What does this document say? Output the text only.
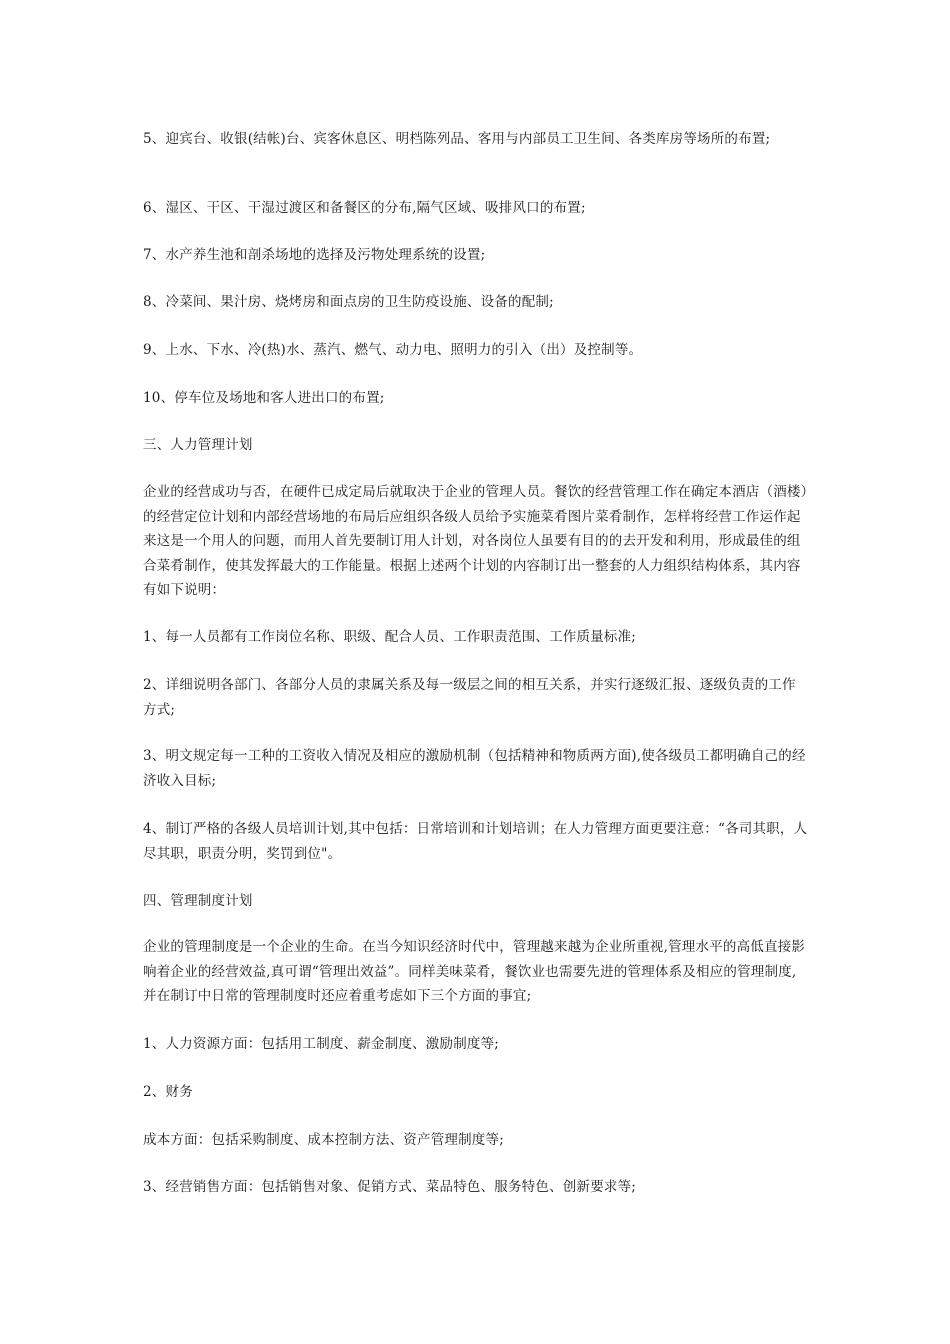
5、迎宾台、收银(结帐)台、宾客休息区、明档陈列品、客用与内部员工卫生间、各类库房等场所的布置;

6、湿区、干区、干湿过渡区和备餐区的分布,隔气区域、吸排风口的布置;

7、水产养生池和剖杀场地的选择及污物处理系统的设置;

8、冷菜间、果汁房、烧烤房和面点房的卫生防疫设施、设备的配制;

9、上水、下水、冷(热)水、蒸汽、燃气、动力电、照明力的引入（出）及控制等。

10、停车位及场地和客人进出口的布置;

三、人力管理计划

企业的经营成功与否，在硬件已成定局后就取决于企业的管理人员。餐饮的经营管理工作在确定本酒店（酒楼）的经营定位计划和内部经营场地的布局后应组织各级人员给予实施菜肴图片菜肴制作，怎样将经营工作运作起来这是一个用人的问题，而用人首先要制订用人计划，对各岗位人虽要有目的的去开发和利用，形成最佳的组合菜肴制作，使其发挥最大的工作能量。根据上述两个计划的内容制订出一整套的人力组织结构体系，其内容有如下说明：

1、每一人员都有工作岗位名称、职级、配合人员、工作职责范围、工作质量标准;

2、详细说明各部门、各部分人员的隶属关系及每一级层之间的相互关系，并实行逐级汇报、逐级负责的工作方式;

3、明文规定每一工种的工资收入情况及相应的激励机制（包括精神和物质两方面),使各级员工都明确自己的经济收入目标;

4、制订严格的各级人员培训计划,其中包括：日常培训和计划培训；在人力管理方面更要注意：“各司其职，人尽其职，职责分明，奖罚到位"。

四、管理制度计划

企业的管理制度是一个企业的生命。在当今知识经济时代中，管理越来越为企业所重视,管理水平的高低直接影响着企业的经营效益,真可谓“管理出效益”。同样美味菜肴，餐饮业也需要先进的管理体系及相应的管理制度,并在制订中日常的管理制度时还应着重考虑如下三个方面的事宜;

1、人力资源方面：包括用工制度、薪金制度、激励制度等;

2、财务

成本方面：包括采购制度、成本控制方法、资产管理制度等;

3、经营销售方面：包括销售对象、促销方式、菜品特色、服务特色、创新要求等;
